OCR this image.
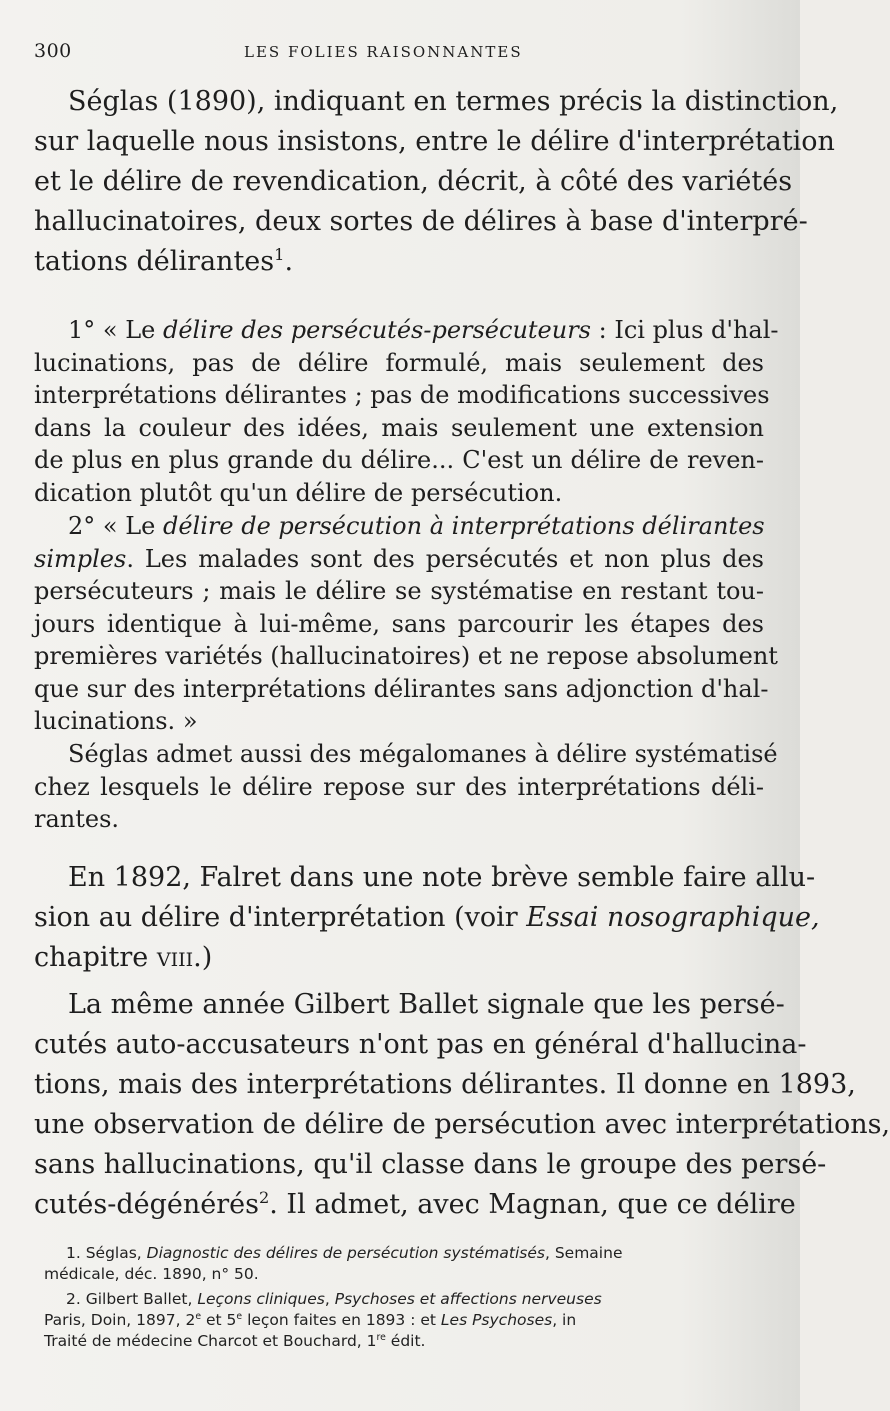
300	LES FOLIES RAISONNANTES
Séglas (1890), indiquant en termes précis la distinction,
sur laquelle nous insistons, entre le délire d'interprétation
et le délire de revendication, décrit, à côté des variétés
hallucinatoires, deux sortes de délires à base d'interpré-
tations délirantes$^1$.
1° « Le délire des persécutés-persécuteurs : Ici plus d'hal-
lucinations, pas de délire formulé, mais seulement des
interprétations délirantes ; pas de modifications successives
dans la couleur des idées, mais seulement une extension
de plus en plus grande du délire... C'est un délire de reven-
dication plutôt qu'un délire de persécution.
2° « Le délire de persécution à interprétations délirantes
simples. Les malades sont des persécutés et non plus des
persécuteurs ; mais le délire se systématise en restant tou-
jours identique à lui-même, sans parcourir les étapes des
premières variétés (hallucinatoires) et ne repose absolument
que sur des interprétations délirantes sans adjonction d'hal-
lucinations. »
Séglas admet aussi des mégalomanes à délire systématisé
chez lesquels le délire repose sur des interprétations déli-
rantes.
En 1892, Falret dans une note brève semble faire allu-
sion au délire d'interprétation (voir Essai nosographique,
chapitre viii.)
La même année Gilbert Ballet signale que les persé-
cutés auto-accusateurs n'ont pas en général d'hallucina-
tions, mais des interprétations délirantes. Il donne en 1893,
une observation de délire de persécution avec interprétations,
sans hallucinations, qu'il classe dans le groupe des persé-
cutés-dégénérés$^2$. Il admet, avec Magnan, que ce délire
1. Séglas, Diagnostic des délires de persécution systématisés, Semaine
médicale, déc. 1890, n° 50.
2. Gilbert Ballet, Leçons cliniques, Psychoses et affections nerveuses
Paris, Doin, 1897, 2e et 5e leçon faites en 1893 : et Les Psychoses, in
Traité de médecine Charcot et Bouchard, 1re édit.
